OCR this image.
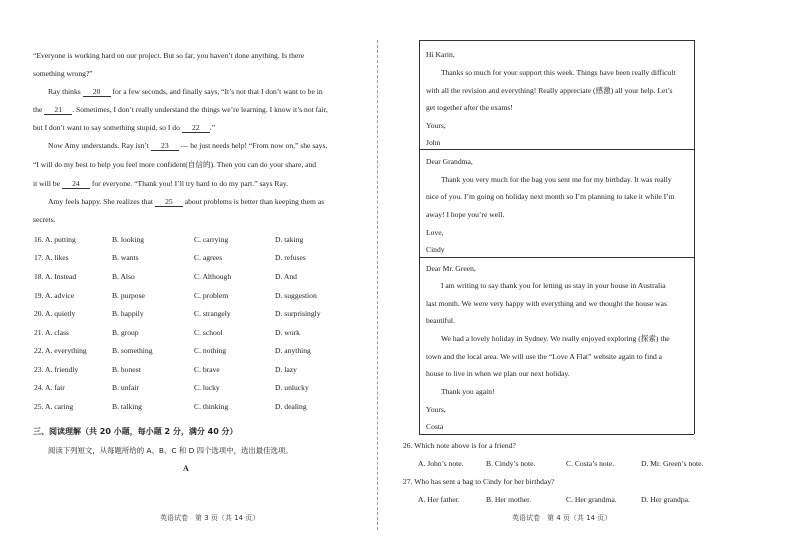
“Everyone is working hard on our project. But so far, you haven’t done anything. Is there
something wrong?”
Ray thinks 20 for a few seconds, and finally says, “It’s not that I don’t want to be in
the 21 . Sometimes, I don’t really understand the things we’re learning. I know it’s not fair,
but I don’t want to say something stupid, so I do 22 .”
Now Amy understands. Ray isn’t 23 — he just needs help! “From now on,” she says,
“I will do my best to help you feel more confident(自信的). Then you can do your share, and
it will be 24 for everyone. “Thank you! I’ll try hard to do my part.” says Ray.
Amy feels happy. She realizes that 25 about problems is better than keeping them as
secrets.
16. A. putting	B. looking	C. carrying	D. taking
17. A. likes	B. wants	C. agrees	D. refuses
18. A. Instead	B. Also	C. Although	D. And
19. A. advice	B. purpose	C. problem	D. suggestion
20. A. quietly	B. happily	C. strangely	D. surprisingly
21. A. class	B. group	C. school	D. work
22. A. everything	B. something	C. nothing	D. anything
23. A. friendly	B. honest	C. brave	D. lazy
24. A. fair	B. unfair	C. lucky	D. unlucky
25. A. caring	B. talking	C. thinking	D. dealing
三、阅读理解（共 20 小题，每小题 2 分，满分 40 分）
阅读下列短文，从每题所给的 A、B、C 和 D 四个选项中，选出最佳选项。
A
英语试卷　第 3 页（共 14 页）
Hi Karin,
Thanks so much for your support this week. Things have been really difficult
with all the revision and everything! Really appreciate (感激) all your help. Let’s
get together after the exams!
Yours,
John
Dear Grandma,
Thank you very much for the bag you sent me for my birthday. It was really
nice of you. I’m going on holiday next month so I’m planning to take it while I’m
away! I hope you’re well.
Love,
Cindy
Dear Mr. Green,
I am writing to say thank you for letting us stay in your house in Australia
last month. We were very happy with everything and we thought the house was
beautiful.
We had a lovely holiday in Sydney. We really enjoyed exploring (探索) the
town and the local area. We will use the “Love A Flat” website again to find a
house to live in when we plan our next holiday.
Thank you again!
Yours,
Costa
26. Which note above is for a friend?
A. John’s note.	B. Cindy’s note.	C. Costa’s note.	D. Mr. Green’s note.
27. Who has sent a bag to Cindy for her birthday?
A. Her father.	B. Her mother.	C. Her grandma.	D. Her grandpa.
英语试卷　第 4 页（共 14 页）
